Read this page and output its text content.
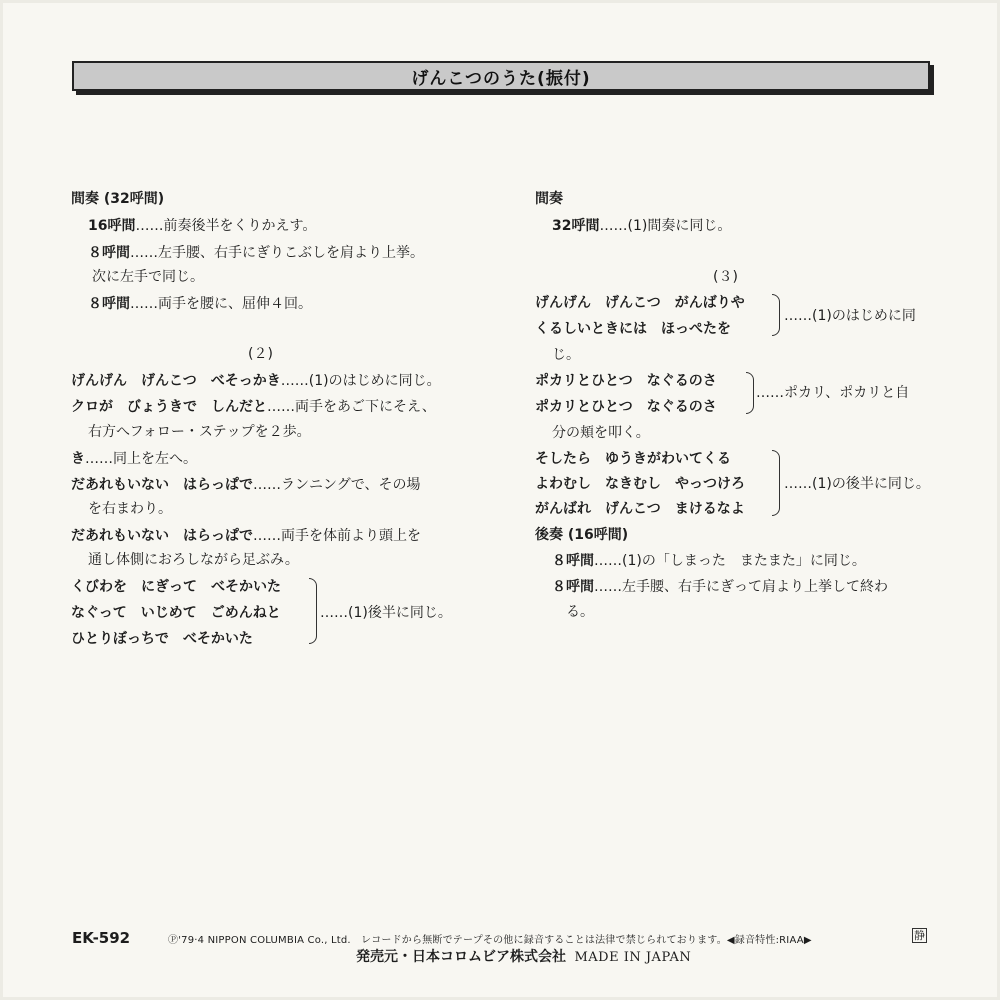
げんこつのうた(振付)
間奏 (32呼間)
16呼間……前奏後半をくりかえす。
８呼間……左手腰、右手にぎりこぶしを肩より上挙。
次に左手で同じ。
８呼間……両手を腰に、屈伸４回。
(２)
げんげん　げんこつ　べそっかき……(1)のはじめに同じ。
クロが　びょうきで　しんだと……両手をあご下にそえ、
右方へフォロー・ステップを２歩。
き……同上を左へ。
だあれもいない　はらっぱで……ランニングで、その場
を右まわり。
だあれもいない　はらっぱで……両手を体前より頭上を
通し体側におろしながら足ぶみ。
くびわを　にぎって　べそかいた
なぐって　いじめて　ごめんねと
ひとりぼっちで　べそかいた
……(1)後半に同じ。
間奏
32呼間……(1)間奏に同じ。
(３)
げんげん　げんこつ　がんばりや
くるしいときには　ほっぺたを
……(1)のはじめに同
じ。
ポカリとひとつ　なぐるのさ
ポカリとひとつ　なぐるのさ
……ポカリ、ポカリと自
分の頬を叩く。
そしたら　ゆうきがわいてくる
よわむし　なきむし　やっつけろ
がんばれ　げんこつ　まけるなよ
……(1)の後半に同じ。
後奏 (16呼間)
８呼間……(1)の「しまった　またまた」に同じ。
８呼間……左手腰、右手にぎって肩より上挙して終わ
る。
EK-592	Ⓟ'79·4 NIPPON COLUMBIA Co., Ltd.　レコードから無断でテープその他に録音することは法律で禁じられております。◀録音特性:RIAA▶	静
発売元・日本コロムビア株式会社 MADE IN JAPAN
